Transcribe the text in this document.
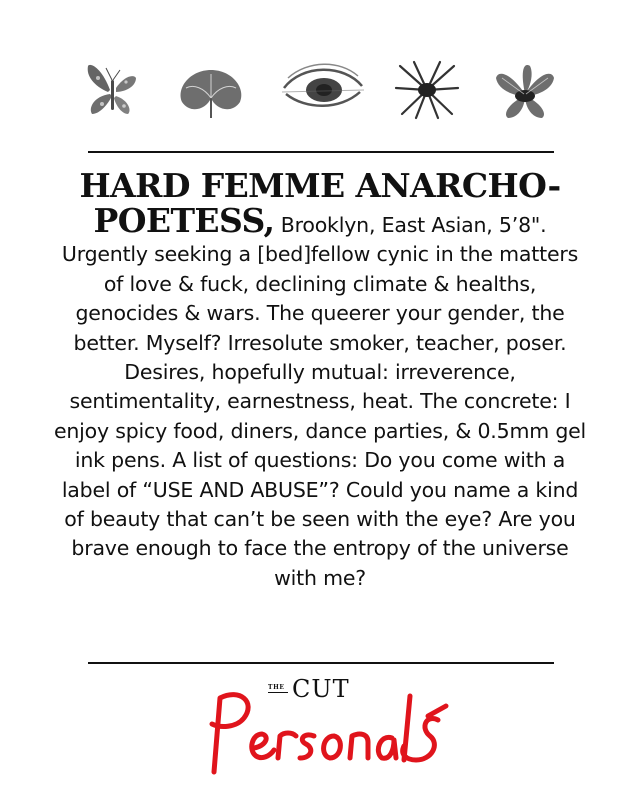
HARD FEMME ANARCHO-
POETESS, Brooklyn, East Asian, 5’8". Urgently seeking a [bed]fellow cynic in the matters of love & fuck, declining climate & healths, genocides & wars. The queerer your gender, the better. Myself? Irresolute smoker, teacher, poser. Desires, hopefully mutual: irreverence, sentimentality, earnestness, heat. The concrete: I enjoy spicy food, diners, dance parties, & 0.5mm gel ink pens. A list of questions: Do you come with a label of “USE AND ABUSE”? Could you name a kind of beauty that can’t be seen with the eye? Are you brave enough to face the entropy of the universe with me?
THE CUT
